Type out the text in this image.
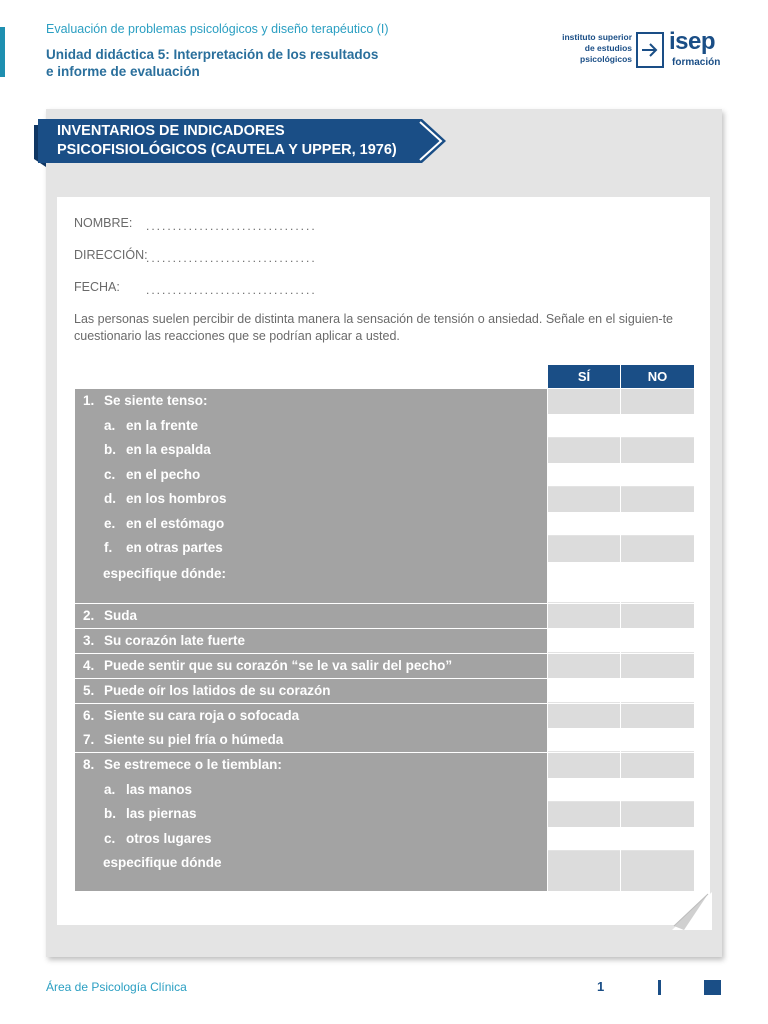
Evaluación de problemas psicológicos y diseño terapéutico (I)
Unidad didáctica 5: Interpretación de los resultados
e informe de evaluación
instituto superior
de estudios
psicológicos
isep
formación
INVENTARIOS DE INDICADORES
PSICOFISIOLÓGICOS (CAUTELA Y UPPER, 1976)
NOMBRE: ................................
DIRECCIÓN:
................................
FECHA: ................................
Las personas suelen percibir de distinta manera la sensación de tensión o ansiedad. Señale en el siguien-te cuestionario las reacciones que se podrían aplicar a usted.
SÍ	NO
1. Se siente tenso:
a. en la frente
b. en la espalda
c. en el pecho
d. en los hombros
e. en el estómago
f. en otras partes
especifique dónde:
2. Suda
3. Su corazón late fuerte
4. Puede sentir que su corazón “se le va salir del pecho”
5. Puede oír los latidos de su corazón
6. Siente su cara roja o sofocada
7. Siente su piel fría o húmeda
8. Se estremece o le tiemblan:
a. las manos
b. las piernas
c. otros lugares
especifique dónde
Área de Psicología Clínica	1
